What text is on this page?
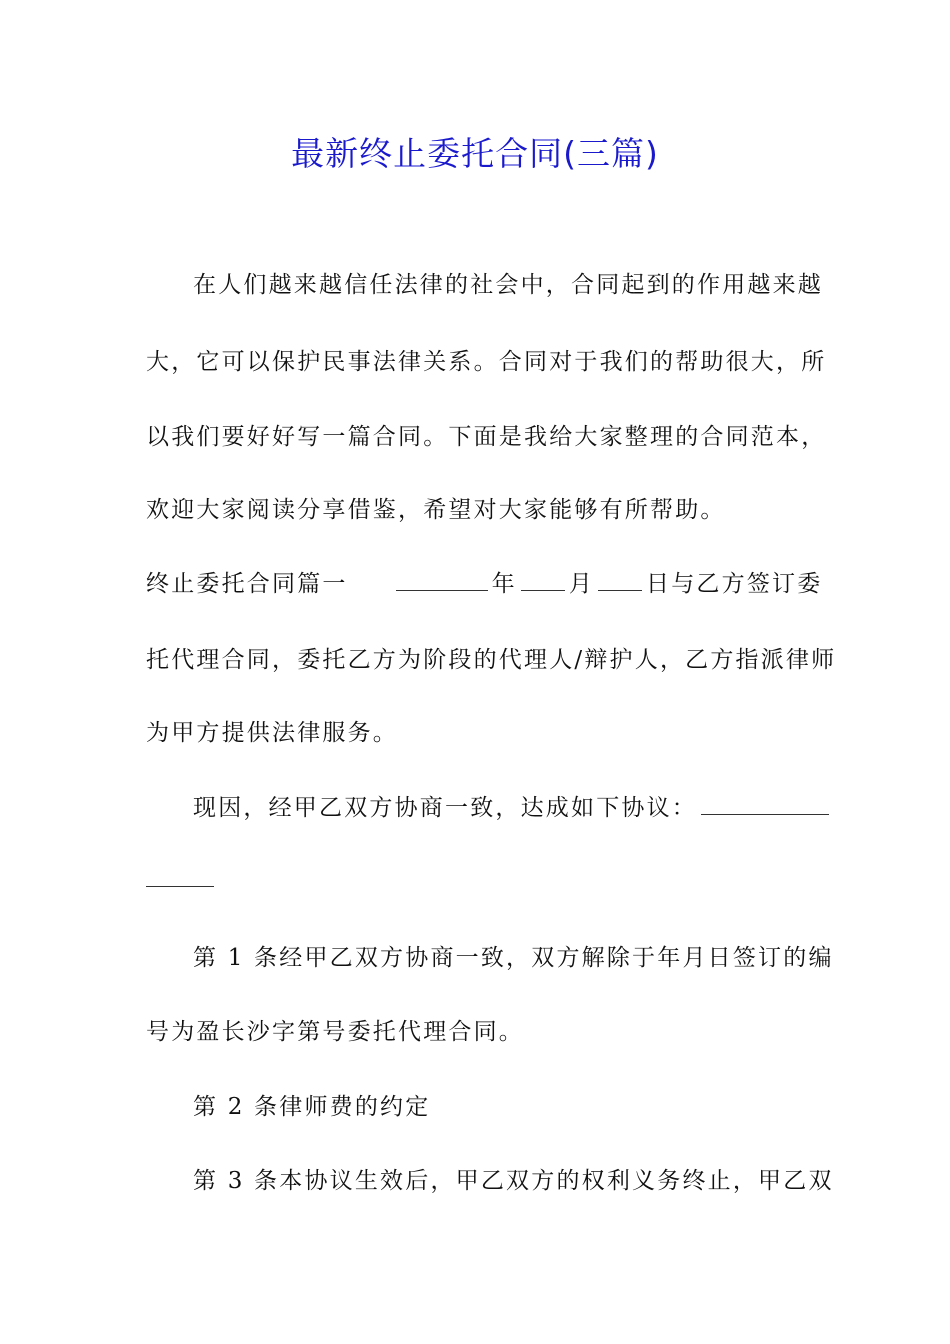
最新终止委托合同(三篇)
在人们越来越信任法律的社会中，合同起到的作用越来越
大，它可以保护民事法律关系。合同对于我们的帮助很大，所
以我们要好好写一篇合同。下面是我给大家整理的合同范本，
欢迎大家阅读分享借鉴，希望对大家能够有所帮助。
终止委托合同篇一	年 月 日与乙方签订委
托代理合同，委托乙方为阶段的代理人/辩护人，乙方指派律师
为甲方提供法律服务。
现因，经甲乙双方协商一致，达成如下协议：
第 1 条经甲乙双方协商一致，双方解除于年月日签订的编
号为盈长沙字第号委托代理合同。
第 2 条律师费的约定
第 3 条本协议生效后，甲乙双方的权利义务终止，甲乙双
